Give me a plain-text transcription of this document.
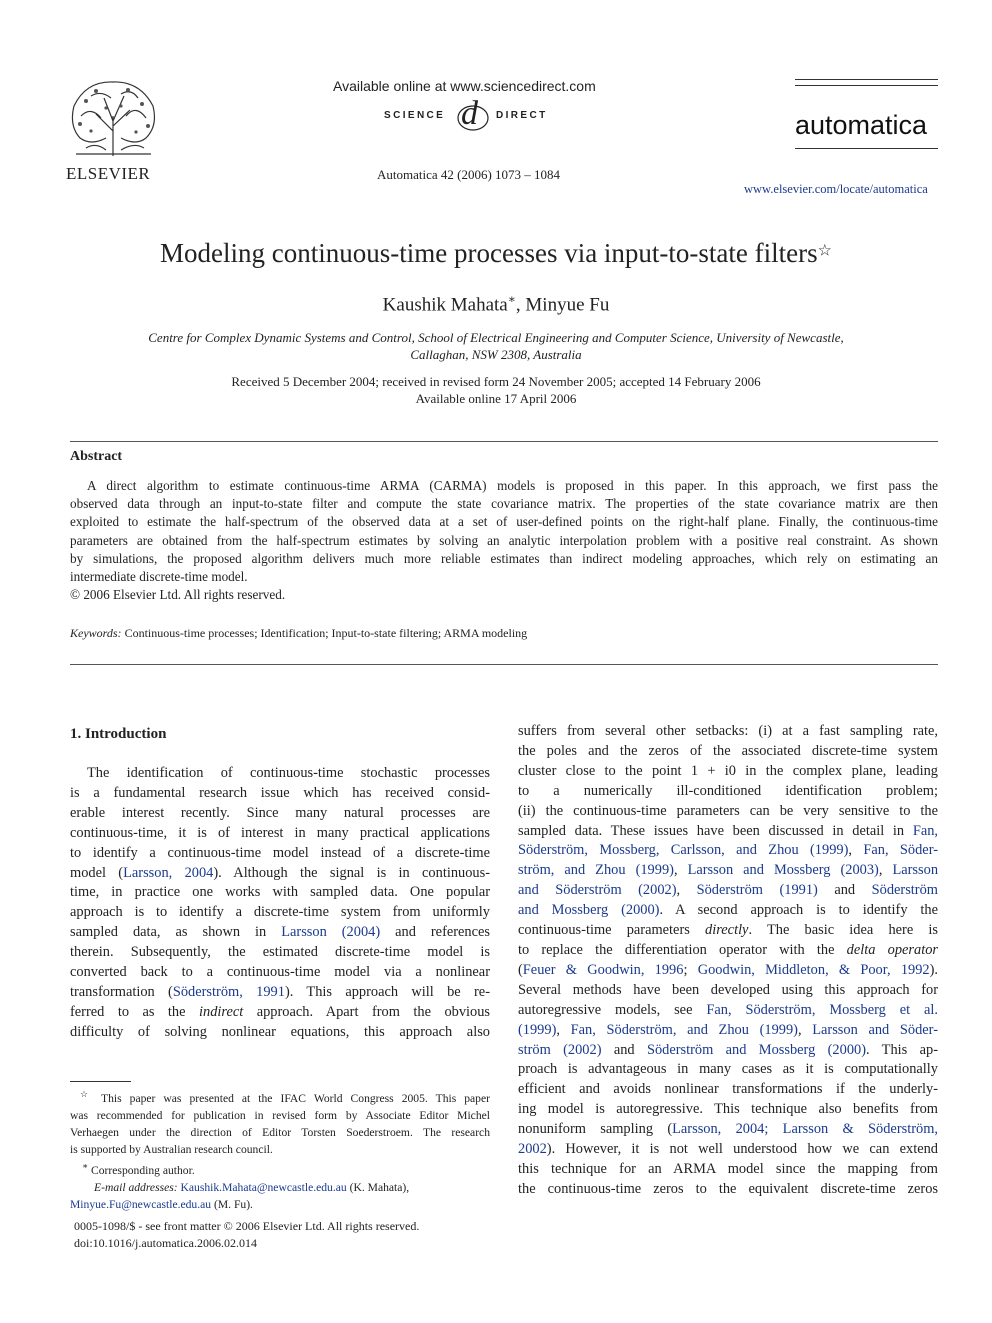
ELSEVIER
Available online at www.sciencedirect.com
SCIENCE d DIRECT
Automatica 42 (2006) 1073 – 1084
automatica
www.elsevier.com/locate/automatica
Modeling continuous-time processes via input-to-state filters☆
Kaushik Mahata∗, Minyue Fu
Centre for Complex Dynamic Systems and Control, School of Electrical Engineering and Computer Science, University of Newcastle,
Callaghan, NSW 2308, Australia
Received 5 December 2004; received in revised form 24 November 2005; accepted 14 February 2006
Available online 17 April 2006
Abstract
A direct algorithm to estimate continuous-time ARMA (CARMA) models is proposed in this paper. In this approach, we first pass the
observed data through an input-to-state filter and compute the state covariance matrix. The properties of the state covariance matrix are then
exploited to estimate the half-spectrum of the observed data at a set of user-defined points on the right-half plane. Finally, the continuous-time
parameters are obtained from the half-spectrum estimates by solving an analytic interpolation problem with a positive real constraint. As shown
by simulations, the proposed algorithm delivers much more reliable estimates than indirect modeling approaches, which rely on estimating an
intermediate discrete-time model.
© 2006 Elsevier Ltd. All rights reserved.
Keywords: Continuous-time processes; Identification; Input-to-state filtering; ARMA modeling
1. Introduction
The identification of continuous-time stochastic processes
is a fundamental research issue which has received consid-
erable interest recently. Since many natural processes are
continuous-time, it is of interest in many practical applications
to identify a continuous-time model instead of a discrete-time
model (Larsson, 2004). Although the signal is in continuous-
time, in practice one works with sampled data. One popular
approach is to identify a discrete-time system from uniformly
sampled data, as shown in Larsson (2004) and references
therein. Subsequently, the estimated discrete-time model is
converted back to a continuous-time model via a nonlinear
transformation (Söderström, 1991). This approach will be re-
ferred to as the indirect approach. Apart from the obvious
difficulty of solving nonlinear equations, this approach also
suffers from several other setbacks: (i) at a fast sampling rate,
the poles and the zeros of the associated discrete-time system
cluster close to the point 1 + i0 in the complex plane, leading
to a numerically ill-conditioned identification problem;
(ii) the continuous-time parameters can be very sensitive to the
sampled data. These issues have been discussed in detail in Fan,
Söderström, Mossberg, Carlsson, and Zhou (1999), Fan, Söder-
ström, and Zhou (1999), Larsson and Mossberg (2003), Larsson
and Söderström (2002), Söderström (1991) and Söderström
and Mossberg (2000). A second approach is to identify the
continuous-time parameters directly. The basic idea here is
to replace the differentiation operator with the delta operator
(Feuer & Goodwin, 1996; Goodwin, Middleton, & Poor, 1992).
Several methods have been developed using this approach for
autoregressive models, see Fan, Söderström, Mossberg et al.
(1999), Fan, Söderström, and Zhou (1999), Larsson and Söder-
ström (2002) and Söderström and Mossberg (2000). This ap-
proach is advantageous in many cases as it is computationally
efficient and avoids nonlinear transformations if the underly-
ing model is autoregressive. This technique also benefits from
nonuniform sampling (Larsson, 2004; Larsson & Söderström,
2002). However, it is not well understood how we can extend
this technique for an ARMA model since the mapping from
the continuous-time zeros to the equivalent discrete-time zeros
☆ This paper was presented at the IFAC World Congress 2005. This paper
was recommended for publication in revised form by Associate Editor Michel
Verhaegen under the direction of Editor Torsten Soederstroem. The research
is supported by Australian research council.
∗ Corresponding author.
E-mail addresses: Kaushik.Mahata@newcastle.edu.au (K. Mahata),
Minyue.Fu@newcastle.edu.au (M. Fu).
0005-1098/$ - see front matter © 2006 Elsevier Ltd. All rights reserved.
doi:10.1016/j.automatica.2006.02.014
